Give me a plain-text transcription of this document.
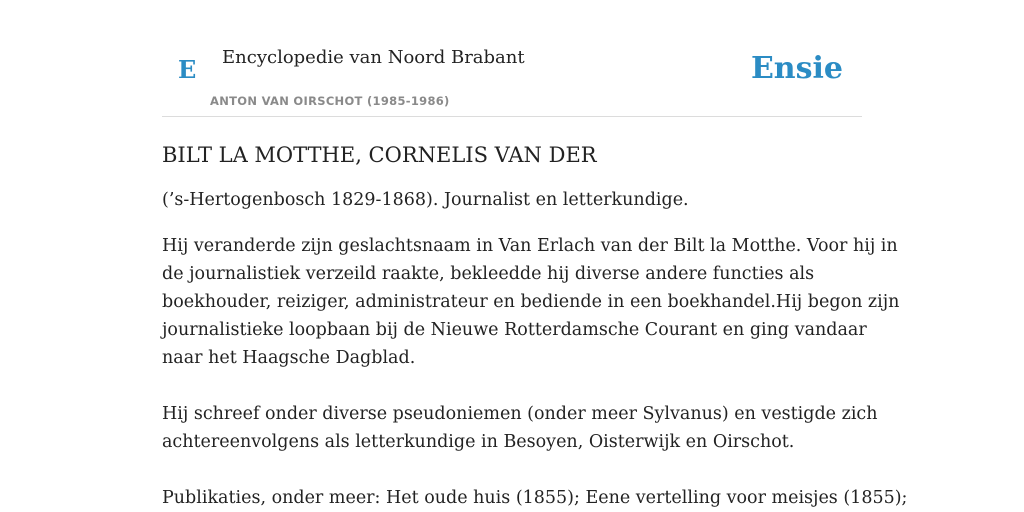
E Encyclopedie van Noord Brabant
ANTON VAN OIRSCHOT (1985-1986)
Ensie
BILT LA MOTTHE, CORNELIS VAN DER

(’s-Hertogenbosch 1829-1868). Journalist en letterkundige.

Hij veranderde zijn geslachtsnaam in Van Erlach van der Bilt la Motthe. Voor hij in
de journalistiek verzeild raakte, bekleedde hij diverse andere functies als
boekhouder, reiziger, administrateur en bediende in een boekhandel.Hij begon zijn
journalistieke loopbaan bij de Nieuwe Rotterdamsche Courant en ging vandaar
naar het Haagsche Dagblad.

Hij schreef onder diverse pseudoniemen (onder meer Sylvanus) en vestigde zich
achtereenvolgens als letterkundige in Besoyen, Oisterwijk en Oirschot.

Publikaties, onder meer: Het oude huis (1855); Eene vertelling voor meisjes (1855);
